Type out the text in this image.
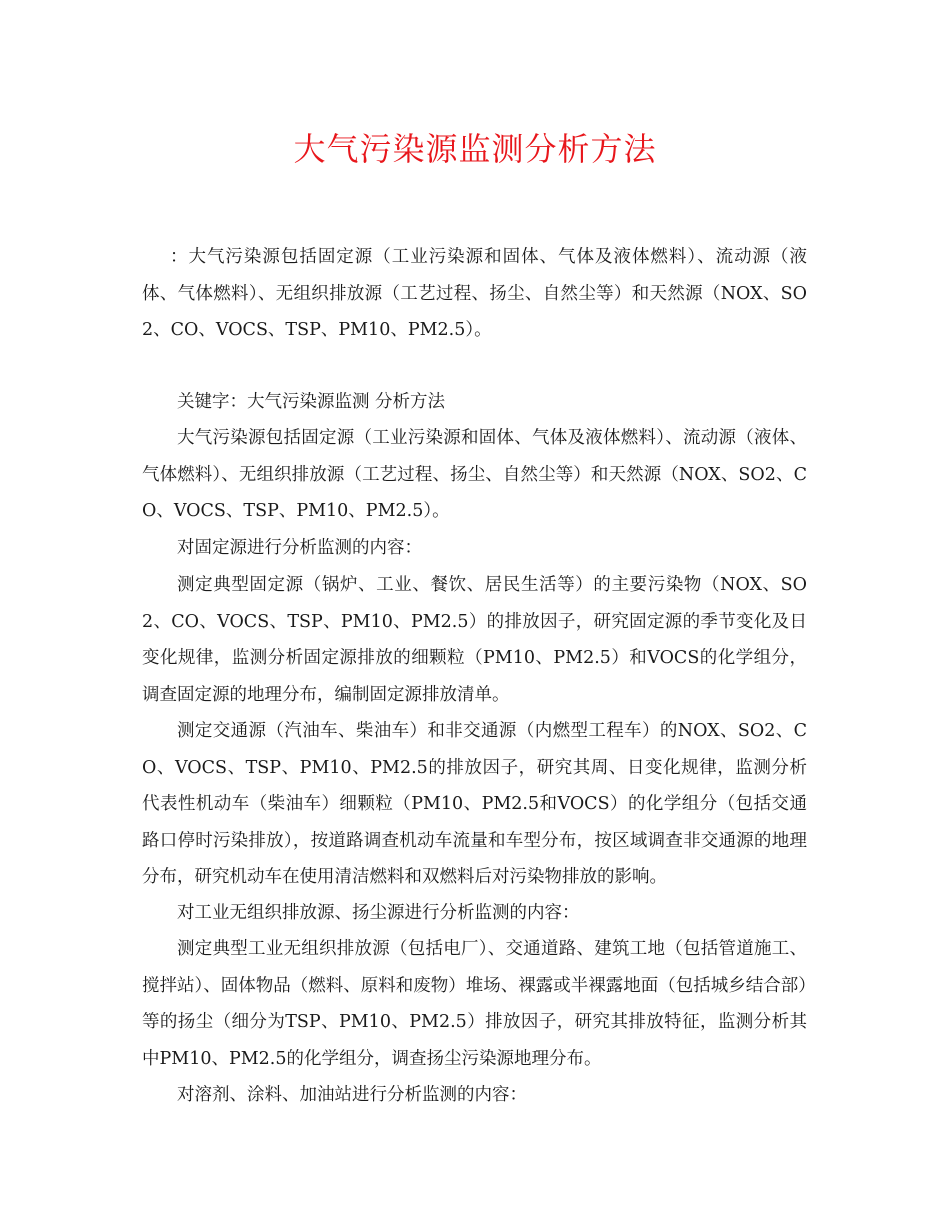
大气污染源监测分析方法

：大气污染源包括固定源（工业污染源和固体、气体及液体燃料）、流动源（液体、气体燃料）、无组织排放源（工艺过程、扬尘、自然尘等）和天然源（NOX、SO2、CO、VOCS、TSP、PM10、PM2.5）。

关键字：大气污染源监测 分析方法

大气污染源包括固定源（工业污染源和固体、气体及液体燃料）、流动源（液体、气体燃料）、无组织排放源（工艺过程、扬尘、自然尘等）和天然源（NOX、SO2、CO、VOCS、TSP、PM10、PM2.5）。

对固定源进行分析监测的内容：

测定典型固定源（锅炉、工业、餐饮、居民生活等）的主要污染物（NOX、SO2、CO、VOCS、TSP、PM10、PM2.5）的排放因子，研究固定源的季节变化及日变化规律，监测分析固定源排放的细颗粒（PM10、PM2.5）和VOCS的化学组分，调查固定源的地理分布，编制固定源排放清单。

测定交通源（汽油车、柴油车）和非交通源（内燃型工程车）的NOX、SO2、CO、VOCS、TSP、PM10、PM2.5的排放因子，研究其周、日变化规律，监测分析代表性机动车（柴油车）细颗粒（PM10、PM2.5和VOCS）的化学组分（包括交通路口停时污染排放），按道路调查机动车流量和车型分布，按区域调查非交通源的地理分布，研究机动车在使用清洁燃料和双燃料后对污染物排放的影响。

对工业无组织排放源、扬尘源进行分析监测的内容：

测定典型工业无组织排放源（包括电厂）、交通道路、建筑工地（包括管道施工、搅拌站）、固体物品（燃料、原料和废物）堆场、裸露或半裸露地面（包括城乡结合部）等的扬尘（细分为TSP、PM10、PM2.5）排放因子，研究其排放特征，监测分析其中PM10、PM2.5的化学组分，调查扬尘污染源地理分布。

对溶剂、涂料、加油站进行分析监测的内容：
